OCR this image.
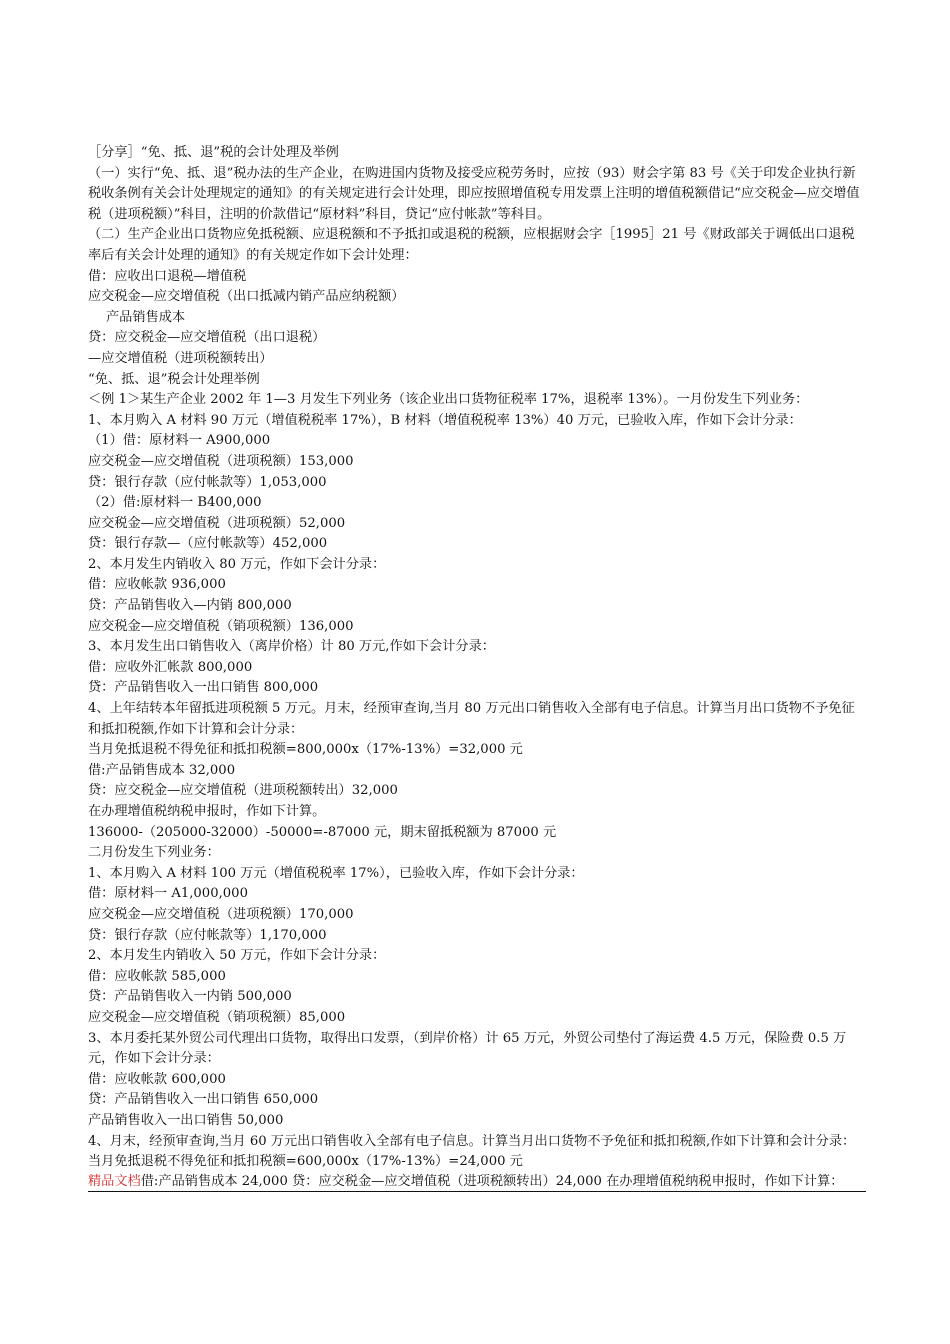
［分享］“免、抵、退”税的会计处理及举例
（一）实行“免、抵、退”税办法的生产企业，在购进国内货物及接受应税劳务时，应按（93）财会字第 83 号《关于印发企业执行新税收条例有关会计处理规定的通知》的有关规定进行会计处理，即应按照增值税专用发票上注明的增值税额借记“应交税金—应交增值税（进项税额）”科目，注明的价款借记“原材料”科目，贷记“应付帐款”等科目。
（二）生产企业出口货物应免抵税额、应退税额和不予抵扣或退税的税额，应根据财会字［1995］21 号《财政部关于调低出口退税率后有关会计处理的通知》的有关规定作如下会计处理：
借：应收出口退税—增值税
应交税金—应交增值税（出口抵减内销产品应纳税额）
产品销售成本
贷：应交税金—应交增值税（出口退税）
—应交增值税（进项税额转出）
“免、抵、退”税会计处理举例
＜例 1＞某生产企业 2002 年 1—3 月发生下列业务（该企业出口货物征税率 17%，退税率 13%）。一月份发生下列业务：
1、本月购入 A 材料 90 万元（增值税税率 17%），B 材料（增值税税率 13%）40 万元，已验收入库，作如下会计分录：
（1）借：原材料一 A900,000
应交税金—应交增值税（进项税额）153,000
贷：银行存款（应付帐款等）1,053,000
（2）借:原材料一 B400,000
应交税金—应交增值税（进项税额）52,000
贷：银行存款—（应付帐款等）452,000
2、本月发生内销收入 80 万元，作如下会计分录：
借：应收帐款 936,000
贷：产品销售收入—内销 800,000
应交税金—应交增值税（销项税额）136,000
3、本月发生出口销售收入（离岸价格）计 80 万元,作如下会计分录：
借：应收外汇帐款 800,000
贷：产品销售收入一出口销售 800,000
4、上年结转本年留抵进项税额 5 万元。月末，经预审查询,当月 80 万元出口销售收入全部有电子信息。计算当月出口货物不予免征和抵扣税额,作如下计算和会计分录：
当月免抵退税不得免征和抵扣税额=800,000x（17%-13%）=32,000 元
借:产品销售成本 32,000
贷：应交税金—应交增值税（进项税额转出）32,000
在办理增值税纳税申报时，作如下计算。
136000-（205000-32000）-50000=-87000 元，期末留抵税额为 87000 元
二月份发生下列业务：
1、本月购入 A 材料 100 万元（增值税税率 17%），已验收入库，作如下会计分录：
借：原材料一 A1,000,000
应交税金—应交增值税（进项税额）170,000
贷：银行存款（应付帐款等）1,170,000
2、本月发生内销收入 50 万元，作如下会计分录：
借：应收帐款 585,000
贷：产品销售收入一内销 500,000
应交税金—应交增值税（销项税额）85,000
3、本月委托某外贸公司代理出口货物，取得出口发票，（到岸价格）计 65 万元，外贸公司垫付了海运费 4.5 万元，保险费 0.5 万元，作如下会计分录：
借：应收帐款 600,000
贷：产品销售收入一出口销售 650,000
产品销售收入一出口销售 50,000
4、月末，经预审查询,当月 60 万元出口销售收入全部有电子信息。计算当月出口货物不予免征和抵扣税额,作如下计算和会计分录：
当月免抵退税不得免征和抵扣税额=600,000x（17%-13%）=24,000 元
精品文档借:产品销售成本 24,000 贷：应交税金—应交增值税（进项税额转出）24,000 在办理增值税纳税申报时，作如下计算：
